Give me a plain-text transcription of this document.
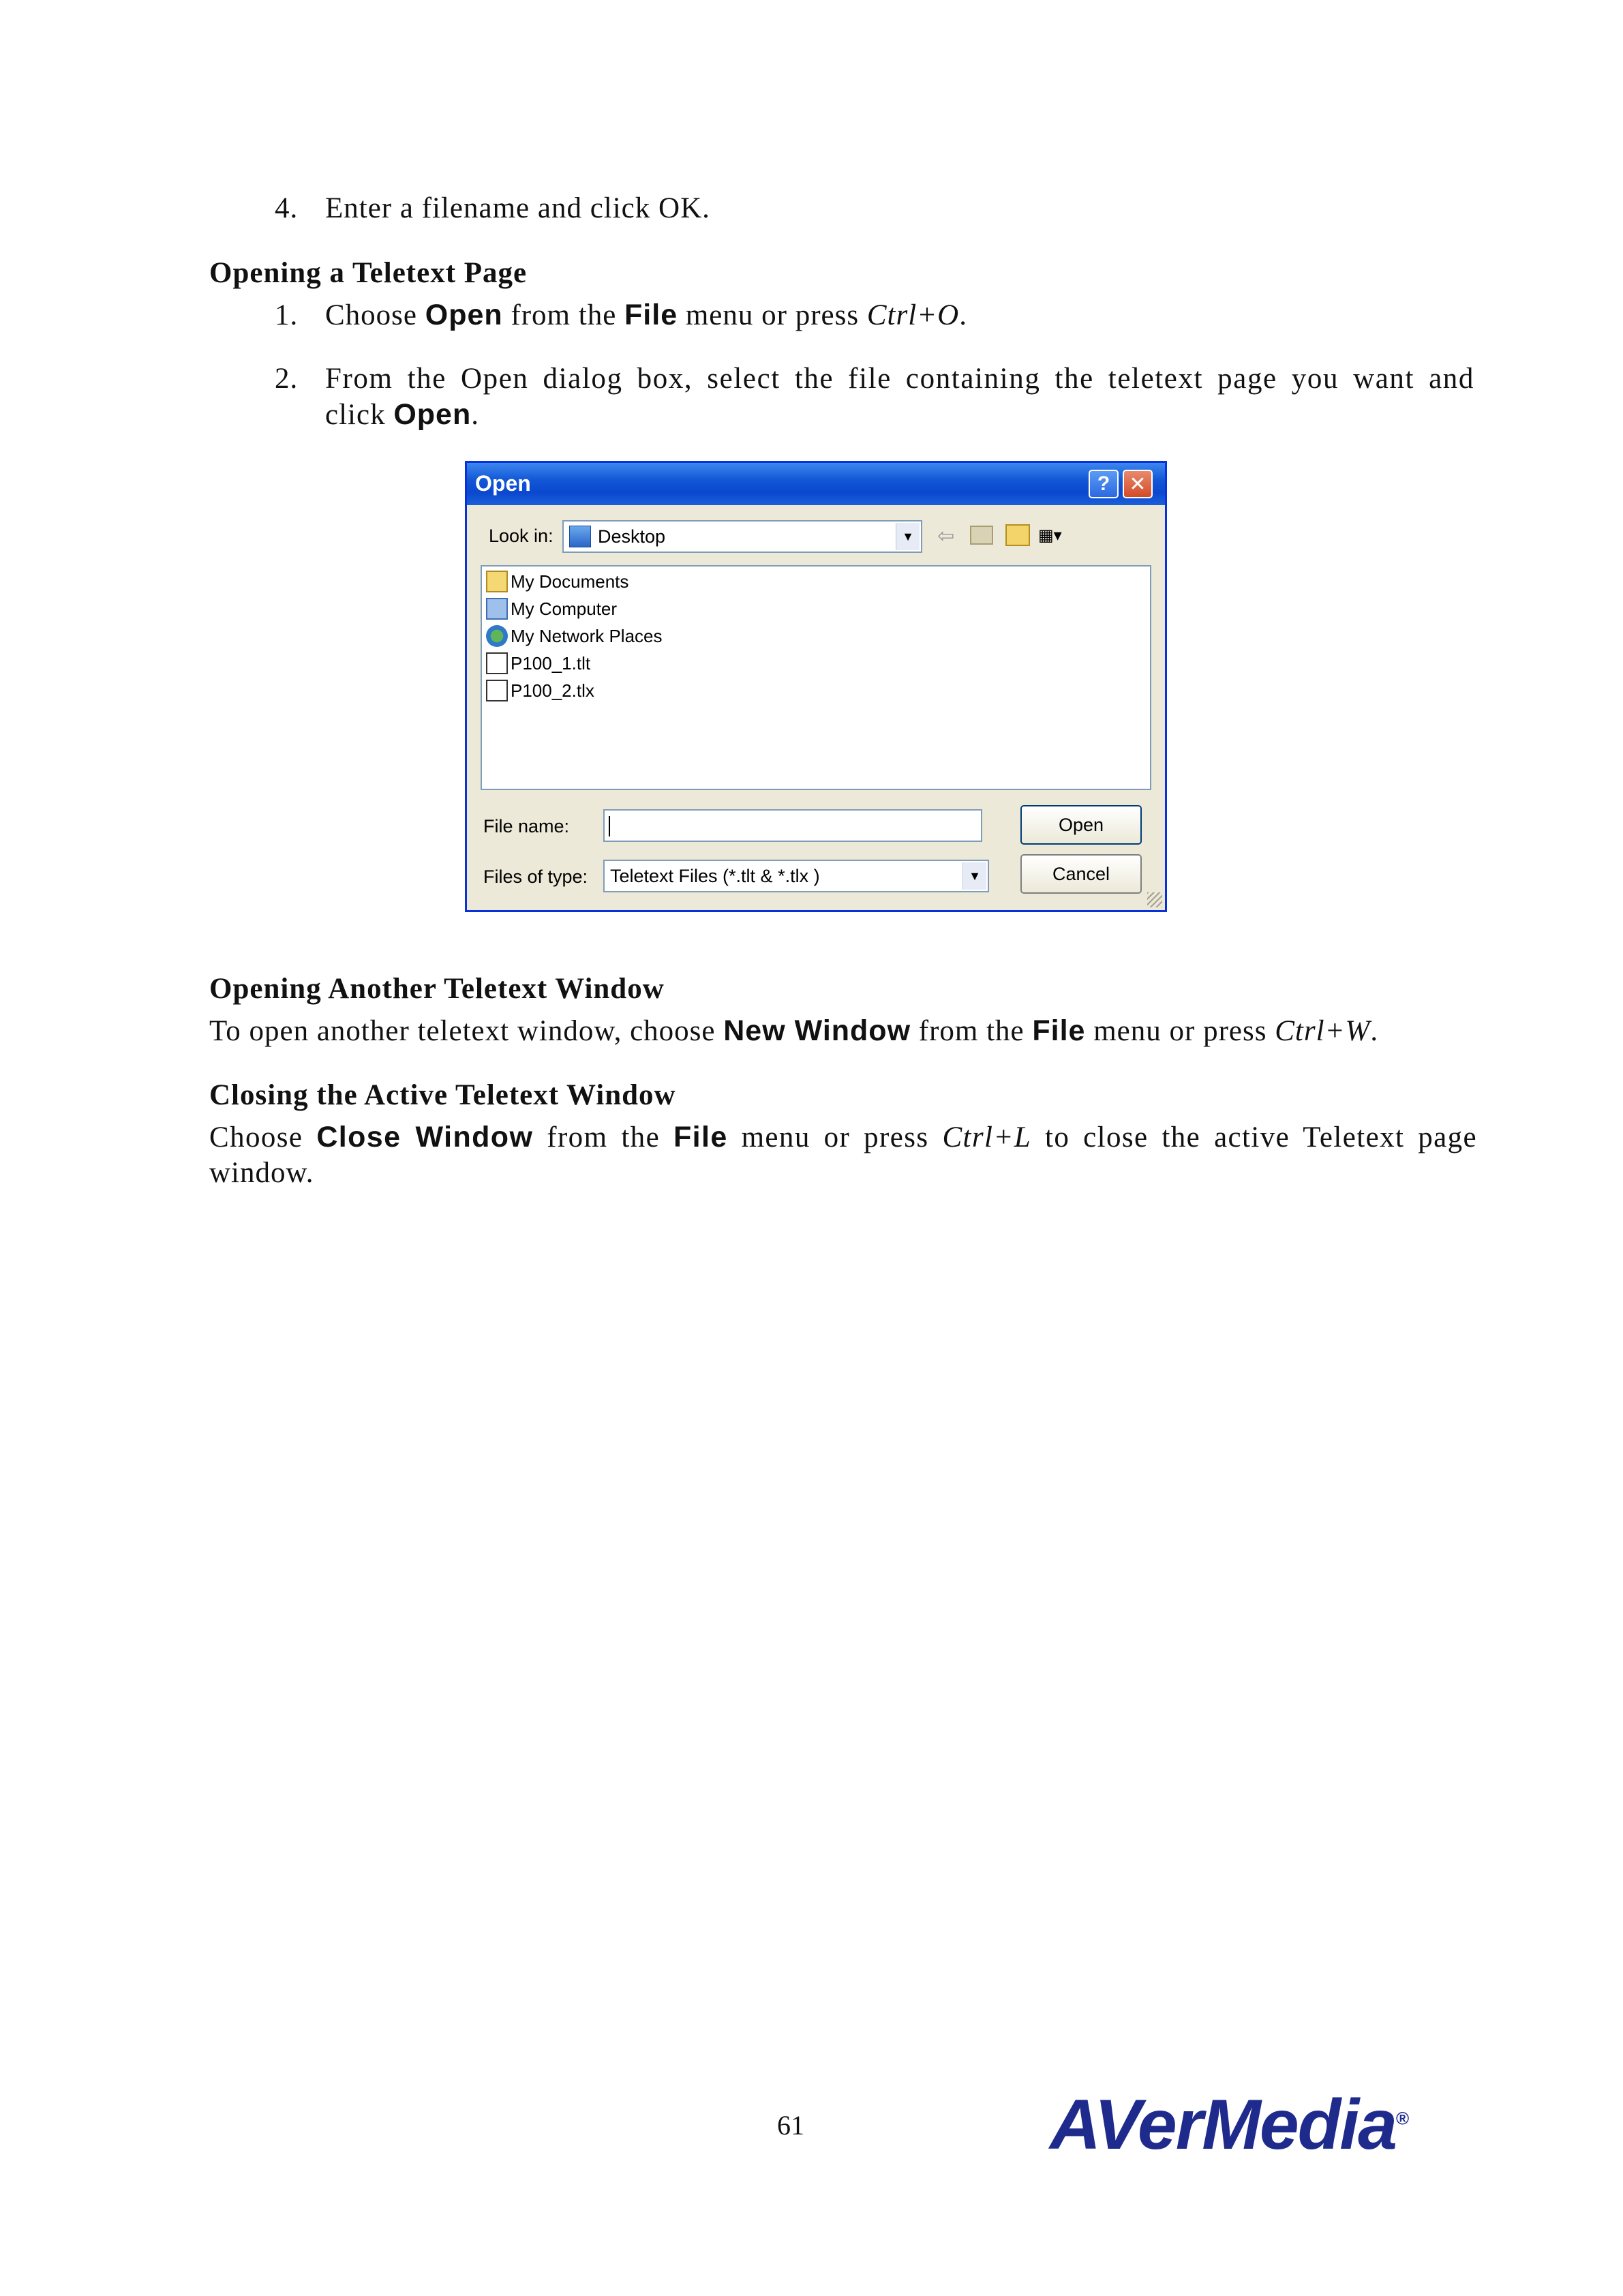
4. Enter a filename and click OK.
Opening a Teletext Page
1. Choose Open from the File menu or press Ctrl+O.
2. From the Open dialog box, select the file containing the teletext page you want and
click Open.
Open	? ✕
Look in: Desktop	▼ ⇦	▦▾
My Documents
My Computer
My Network Places
P100_1.tlt
P100_2.tlx
File name:
Files of type: Teletext Files (*.tlt & *.tlx )	▼
Open
Cancel
Opening Another Teletext Window
To open another teletext window, choose New Window from the File menu or press Ctrl+W.
Closing the Active Teletext Window
Choose Close Window from the File menu or press Ctrl+L to close the active Teletext page
window.
61	AVerMedia®
